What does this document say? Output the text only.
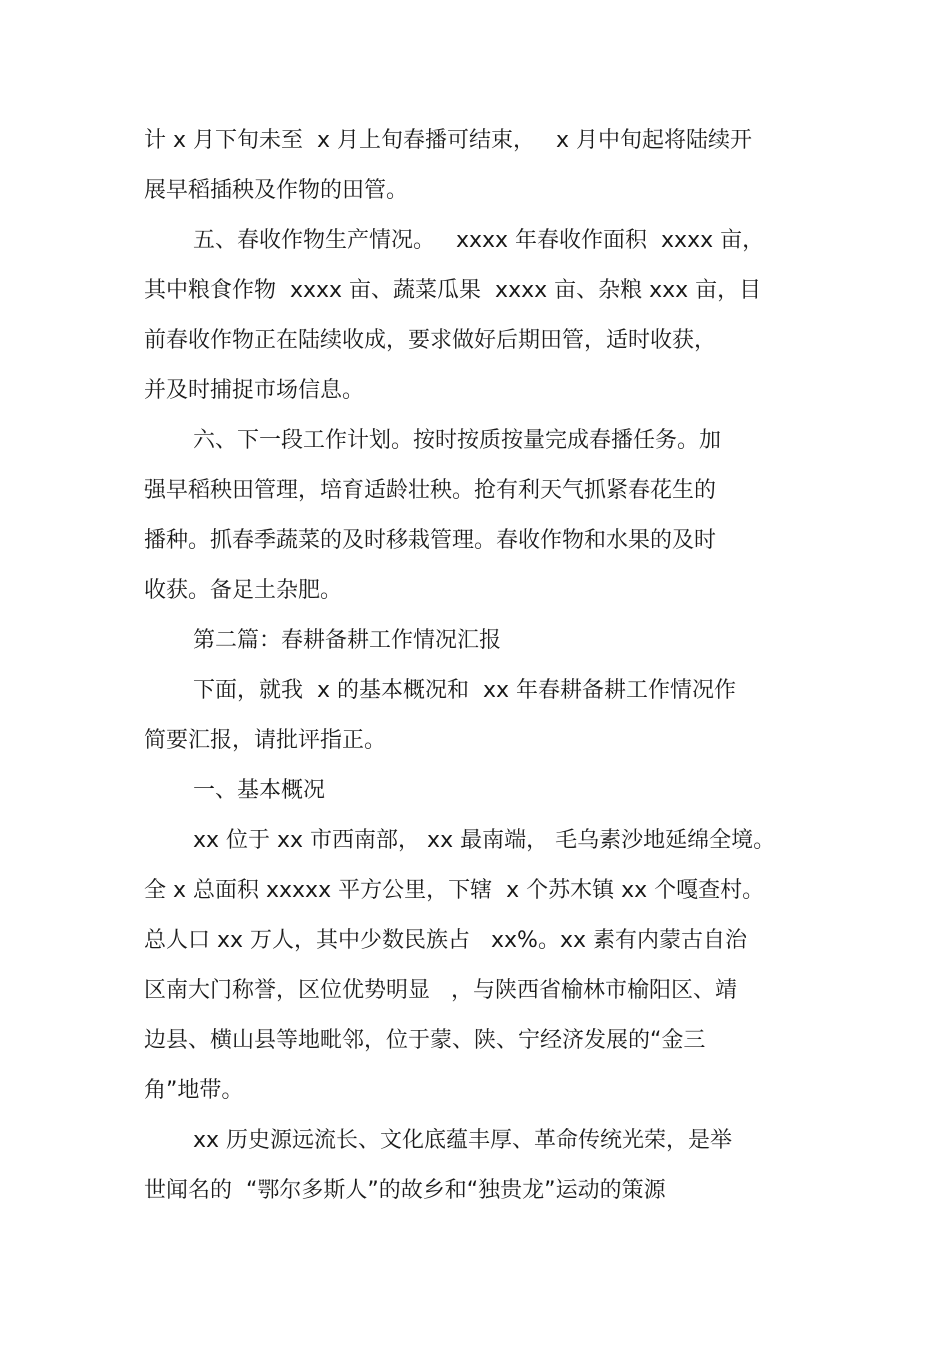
计 x 月下旬未至  x 月上旬春播可结束，   x 月中旬起将陆续开
展早稻插秧及作物的田管。
五、春收作物生产情况。   xxxx 年春收作面积  xxxx 亩，
其中粮食作物  xxxx 亩、蔬菜瓜果  xxxx 亩、杂粮 xxx 亩，目
前春收作物正在陆续收成，要求做好后期田管，适时收获，
并及时捕捉市场信息。
六、下一段工作计划。按时按质按量完成春播任务。加
强早稻秧田管理，培育适龄壮秧。抢有利天气抓紧春花生的
播种。抓春季蔬菜的及时移栽管理。春收作物和水果的及时
收获。备足土杂肥。
第二篇：春耕备耕工作情况汇报
下面，就我  x 的基本概况和  xx 年春耕备耕工作情况作
简要汇报，请批评指正。
一、基本概况
xx 位于 xx 市西南部， xx 最南端， 毛乌素沙地延绵全境。
全 x 总面积 xxxxx 平方公里，下辖  x 个苏木镇 xx 个嘎查村。
总人口 xx 万人，其中少数民族占   xx%。xx 素有内蒙古自治
区南大门称誉，区位优势明显   ，与陕西省榆林市榆阳区、靖
边县、横山县等地毗邻，位于蒙、陕、宁经济发展的“金三
角”地带。
xx 历史源远流长、文化底蕴丰厚、革命传统光荣，是举
世闻名的  “鄂尔多斯人”的故乡和“独贵龙”运动的策源
